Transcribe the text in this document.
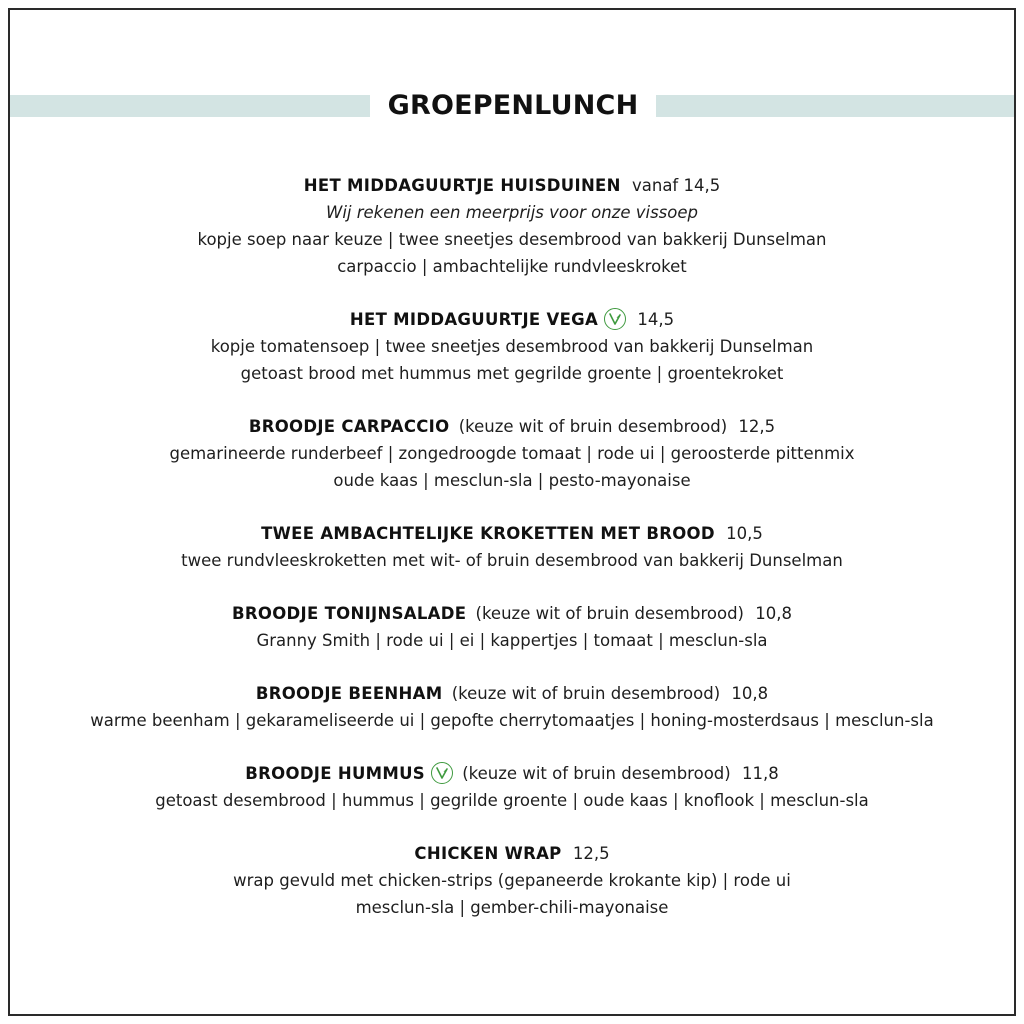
GROEPENLUNCH
HET MIDDAGUURTJE HUISDUINEN vanaf 14,5
Wij rekenen een meerprijs voor onze vissoep
kopje soep naar keuze | twee sneetjes desembrood van bakkerij Dunselman
carpaccio | ambachtelijke rundvleeskroket
HET MIDDAGUURTJE VEGA 14,5
kopje tomatensoep | twee sneetjes desembrood van bakkerij Dunselman
getoast brood met hummus met gegrilde groente | groentekroket
BROODJE CARPACCIO (keuze wit of bruin desembrood) 12,5
gemarineerde runderbeef | zongedroogde tomaat | rode ui | geroosterde pittenmix
oude kaas | mesclun-sla | pesto-mayonaise
TWEE AMBACHTELIJKE KROKETTEN MET BROOD 10,5
twee rundvleeskroketten met wit- of bruin desembrood van bakkerij Dunselman
BROODJE TONIJNSALADE (keuze wit of bruin desembrood) 10,8
Granny Smith | rode ui | ei | kappertjes | tomaat | mesclun-sla
BROODJE BEENHAM (keuze wit of bruin desembrood) 10,8
warme beenham | gekarameliseerde ui | gepofte cherrytomaatjes | honing-mosterdsaus | mesclun-sla
BROODJE HUMMUS (keuze wit of bruin desembrood) 11,8
getoast desembrood | hummus | gegrilde groente | oude kaas | knoflook | mesclun-sla
CHICKEN WRAP 12,5
wrap gevuld met chicken-strips (gepaneerde krokante kip) | rode ui
mesclun-sla | gember-chili-mayonaise
